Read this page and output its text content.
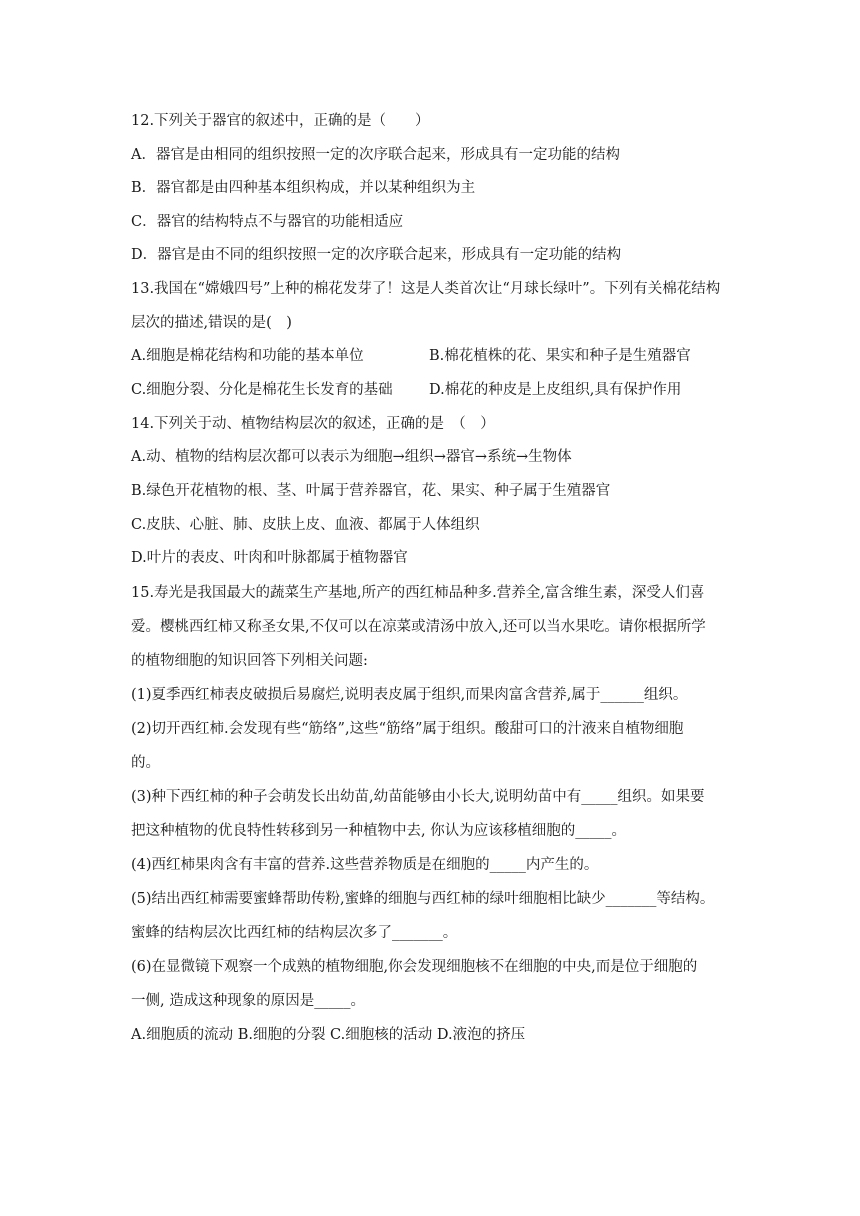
12.下列关于器官的叙述中，正确的是（　　）
A．器官是由相同的组织按照一定的次序联合起来，形成具有一定功能的结构
B．器官都是由四种基本组织构成，并以某种组织为主
C．器官的结构特点不与器官的功能相适应
D．器官是由不同的组织按照一定的次序联合起来，形成具有一定功能的结构
13.我国在“嫦娥四号”上种的棉花发芽了！这是人类首次让“月球长绿叶”。下列有关棉花结构
层次的描述,错误的是(　)
A.细胞是棉花结构和功能的基本单位	B.棉花植株的花、果实和种子是生殖器官
C.细胞分裂、分化是棉花生长发育的基础	D.棉花的种皮是上皮组织,具有保护作用
14.下列关于动、植物结构层次的叙述，正确的是　（　）
A.动、植物的结构层次都可以表示为细胞→组织→器官→系统→生物体
B.绿色开花植物的根、茎、叶属于营养器官，花、果实、种子属于生殖器官
C.皮肤、心脏、肺、皮肤上皮、血液、都属于人体组织
D.叶片的表皮、叶肉和叶脉都属于植物器官
15.寿光是我国最大的蔬菜生产基地,所产的西红柿品种多.营养全,富含维生素，深受人们喜
爱。樱桃西红柿又称圣女果,不仅可以在凉菜或清汤中放入,还可以当水果吃。请你根据所学
的植物细胞的知识回答下列相关问题:
(1)夏季西红柿表皮破损后易腐烂,说明表皮属于组织,而果肉富含营养,属于______组织。
(2)切开西红柿.会发现有些“筋络”,这些“筋络”属于组织。酸甜可口的汁液来自植物细胞
的。
(3)种下西红柿的种子会萌发长出幼苗,幼苗能够由小长大,说明幼苗中有_____组织。如果要
把这种植物的优良特性转移到另一种植物中去, 你认为应该移植细胞的_____。
(4)西红柿果肉含有丰富的营养.这些营养物质是在细胞的_____内产生的。
(5)结出西红柿需要蜜蜂帮助传粉,蜜蜂的细胞与西红柿的绿叶细胞相比缺少_______等结构。
蜜蜂的结构层次比西红柿的结构层次多了_______。
(6)在显微镜下观察一个成熟的植物细胞,你会发现细胞核不在细胞的中央,而是位于细胞的
一侧, 造成这种现象的原因是_____。
A.细胞质的流动 B.细胞的分裂 C.细胞核的活动 D.液泡的挤压
